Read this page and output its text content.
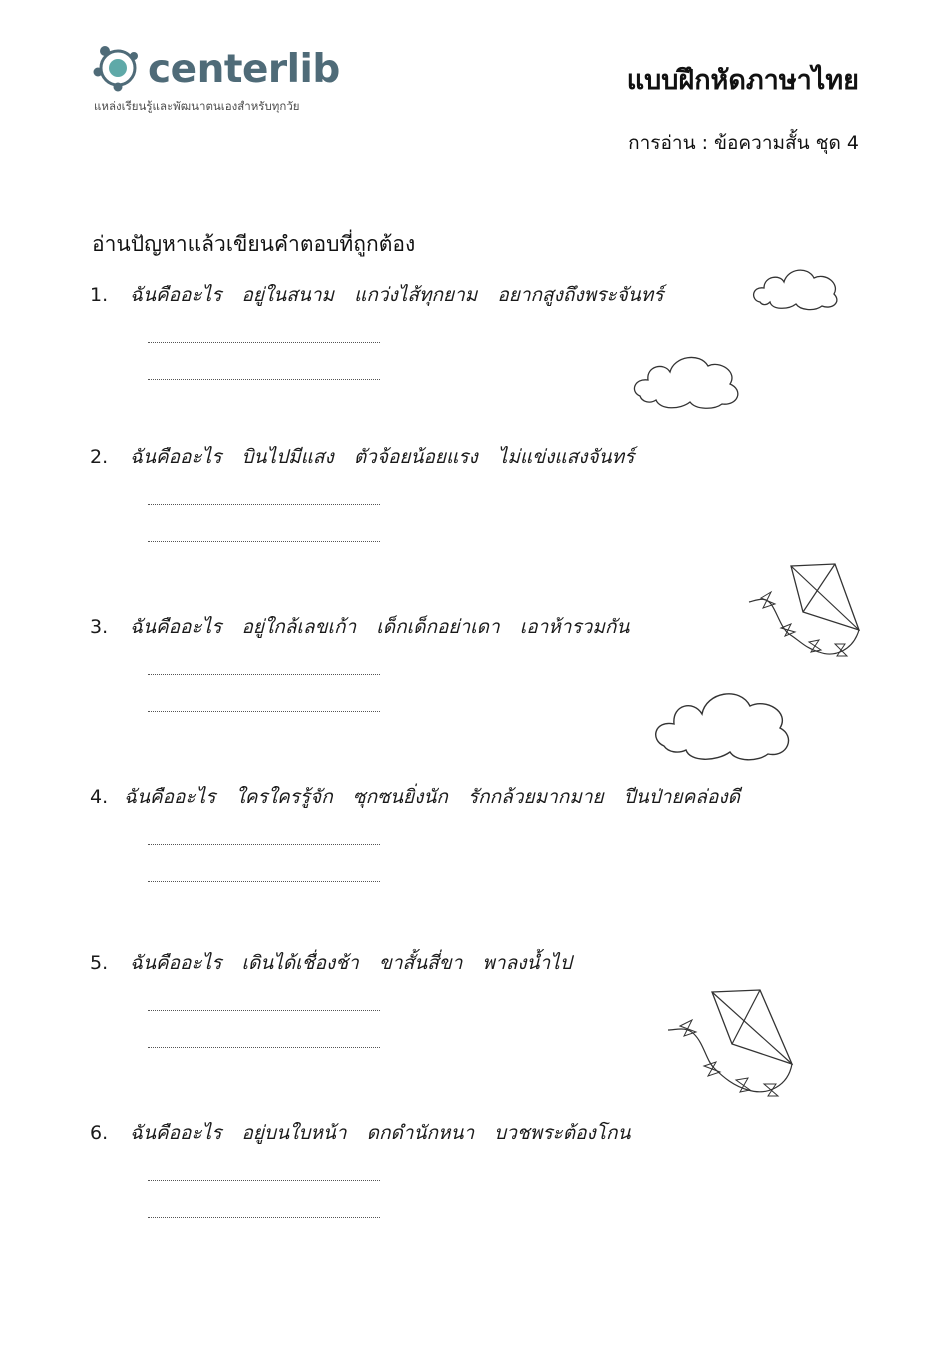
centerlib
แหล่งเรียนรู้และพัฒนาตนเองสำหรับทุกวัย
แบบฝึกหัดภาษาไทย
การอ่าน : ข้อความสั้น ชุด 4
อ่านปัญหาแล้วเขียนคำตอบที่ถูกต้อง
1.	ฉันคืออะไร อยู่ในสนาม แกว่งไส้ทุกยาม อยากสูงถึงพระจันทร์
2.	ฉันคืออะไร บินไปมีแสง ตัวจ้อยน้อยแรง ไม่แข่งแสงจันทร์
3.	ฉันคืออะไร อยู่ใกล้เลขเก้า เด็กเด็กอย่าเดา เอาห้ารวมกัน
4. ฉันคืออะไร ใครใครรู้จัก ซุกซนยิ่งนัก รักกล้วยมากมาย ปีนป่ายคล่องดี
5.	ฉันคืออะไร เดินได้เชื่องช้า ขาสั้นสี่ขา พาลงน้ำไป
6.	ฉันคืออะไร อยู่บนใบหน้า ดกดำนักหนา บวชพระต้องโกน
